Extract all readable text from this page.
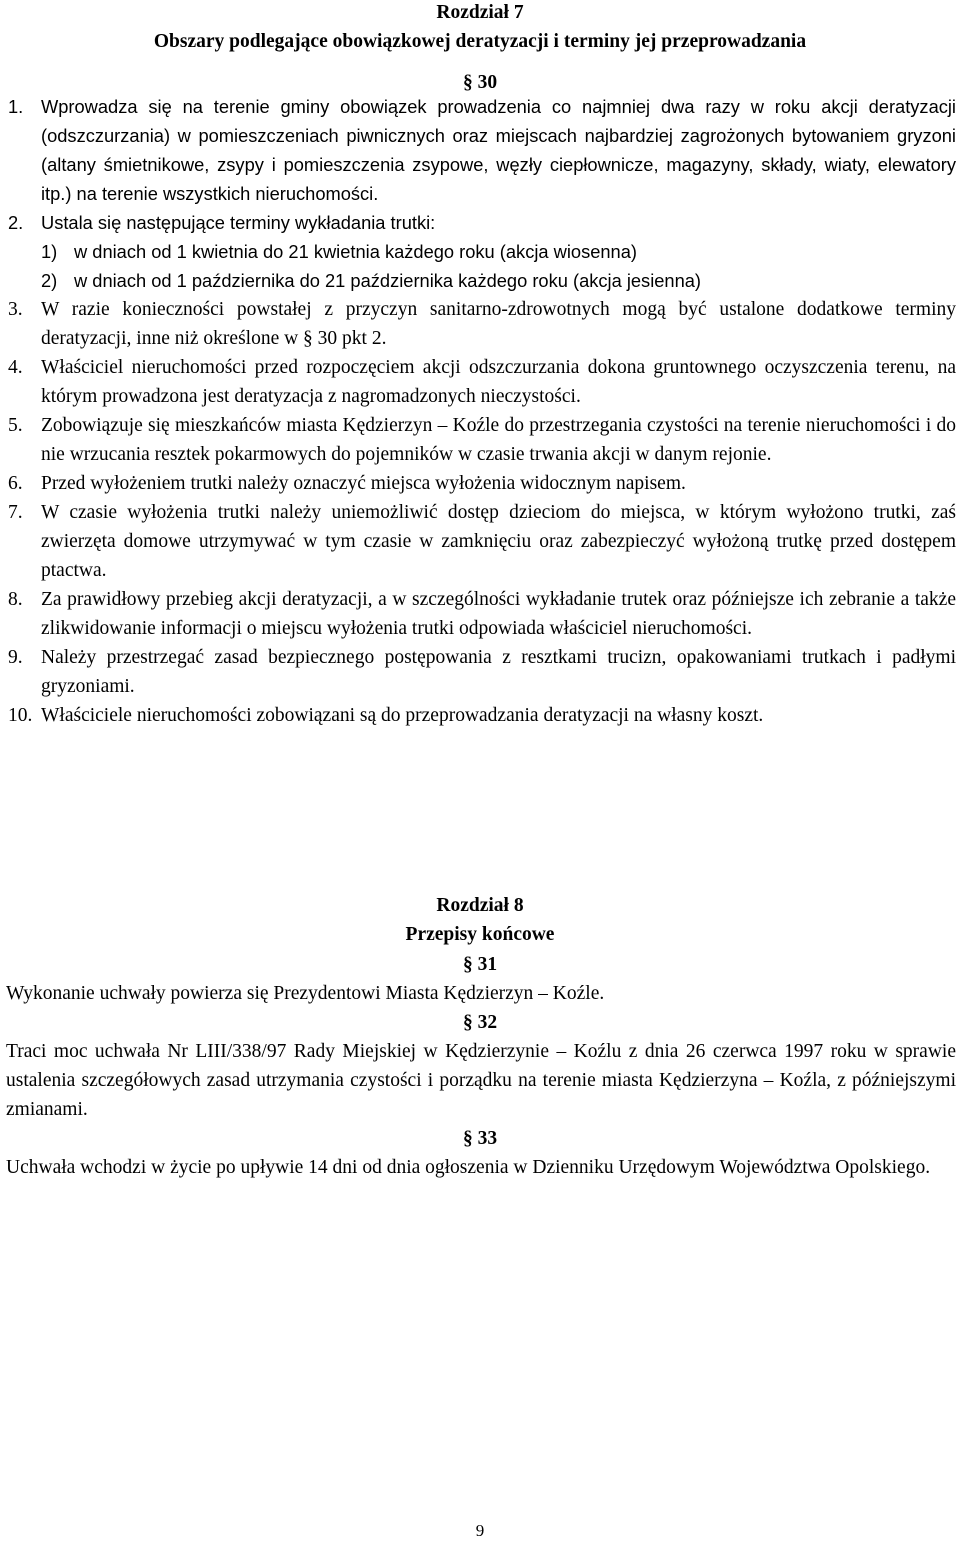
Rozdział 7
Obszary podlegające obowiązkowej deratyzacji i terminy jej przeprowadzania
§ 30
1. Wprowadza się na terenie gminy obowiązek prowadzenia co najmniej dwa razy w roku akcji deratyzacji (odszczurzania) w pomieszczeniach piwnicznych oraz miejscach najbardziej zagrożonych bytowaniem gryzoni (altany śmietnikowe, zsypy i pomieszczenia zsypowe, węzły ciepłownicze, magazyny, składy, wiaty, elewatory itp.) na terenie wszystkich nieruchomości.
2. Ustala się następujące terminy wykładania trutki:
1) w dniach od 1 kwietnia do 21 kwietnia każdego roku (akcja wiosenna)
2) w dniach od 1 października do 21 października każdego roku (akcja jesienna)
3. W razie konieczności powstałej z przyczyn sanitarno-zdrowotnych mogą być ustalone dodatkowe terminy deratyzacji, inne niż określone w § 30 pkt 2.
4. Właściciel nieruchomości przed rozpoczęciem akcji odszczurzania dokona gruntownego oczyszczenia terenu, na którym prowadzona jest deratyzacja z nagromadzonych nieczystości.
5. Zobowiązuje się mieszkańców miasta Kędzierzyn – Koźle do przestrzegania czystości na terenie nieruchomości i do nie wrzucania resztek pokarmowych do pojemników w czasie trwania akcji w danym rejonie.
6. Przed wyłożeniem trutki należy oznaczyć miejsca wyłożenia widocznym napisem.
7. W czasie wyłożenia trutki należy uniemożliwić dostęp dzieciom do miejsca, w którym wyłożono trutki, zaś zwierzęta domowe utrzymywać w tym czasie w zamknięciu oraz zabezpieczyć wyłożoną trutkę przed dostępem ptactwa.
8. Za prawidłowy przebieg akcji deratyzacji, a w szczególności wykładanie trutek oraz późniejsze ich zebranie a także zlikwidowanie informacji o miejscu wyłożenia trutki odpowiada właściciel nieruchomości.
9. Należy przestrzegać zasad bezpiecznego postępowania z resztkami trucizn, opakowaniami trutkach i padłymi gryzoniami.
10. Właściciele nieruchomości zobowiązani są do przeprowadzania deratyzacji na własny koszt.
Rozdział 8
Przepisy końcowe
§ 31

Wykonanie uchwały powierza się Prezydentowi Miasta Kędzierzyn – Koźle.

§ 32

Traci moc uchwała Nr LIII/338/97 Rady Miejskiej w Kędzierzynie – Koźlu z dnia 26 czerwca 1997 roku w sprawie ustalenia szczegółowych zasad utrzymania czystości i porządku na terenie miasta Kędzierzyna – Koźla, z późniejszymi zmianami.

§ 33

Uchwała wchodzi w życie po upływie 14 dni od dnia ogłoszenia w Dzienniku Urzędowym Województwa Opolskiego.

9
